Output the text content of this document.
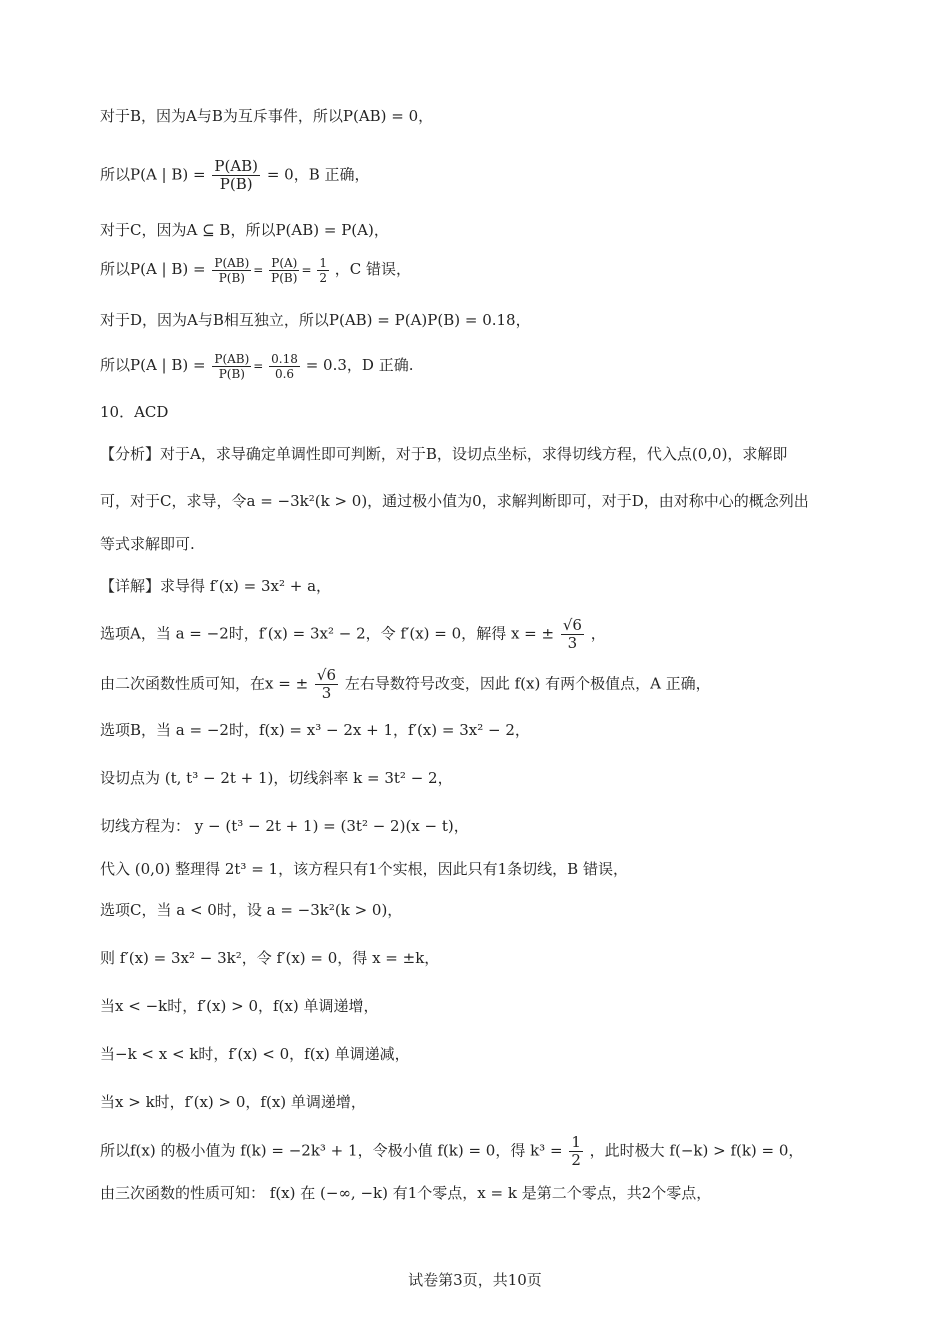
对于B，因为A与B为互斥事件，所以P(AB) = 0，
所以P(A | $B) = \frac{P(AB)}{P(B)} = 0$，B 正确，
对于C，因为A ⊆ B，所以P(AB) = P(A)，
所以P(A | $B) = \frac{P(AB)}{P(B)} = \frac{P(A)}{P(B)} = \frac{1}{2}$ ，C 错误，
对于D，因为A与B相互独立，所以P(AB) = P(A)P(B) = 0.18，
所以P(A | $B) = \frac{P(AB)}{P(B)} = \frac{0.18}{0.6} = 0.3$，D 正确.
10．ACD
【分析】对于A，求导确定单调性即可判断，对于B，设切点坐标，求得切线方程，代入点(0,0)，求解即
可，对于C，求导，令a = −3k²(k > 0)，通过极小值为0，求解判断即可，对于D，由对称中心的概念列出
等式求解即可.
【详解】求导得 f′(x) = 3x² + a，
选项A，当 a = −2时，f′(x) = 3x² − 2，令 f′(x) = 0，解得 x = ± $\frac{√6}{3}$ ，
由二次函数性质可知，在x = ± $\frac{√6}{3}$ 左右导数符号改变，因此 f(x) 有两个极值点，A 正确，
选项B，当 a = −2时，f(x) = x³ − 2x + 1，f′(x) = 3x² − 2，
设切点为 (t, t³ − 2t + 1)，切线斜率 k = 3t² − 2，
切线方程为： y − (t³ − 2t + 1) = (3t² − 2)(x − t)，
代入 (0,0) 整理得 2t³ = 1，该方程只有1个实根，因此只有1条切线，B 错误，
选项C，当 a < 0时，设 a = −3k²(k > 0)，
则 f′(x) = 3x² − 3k²，令 f′(x) = 0，得 x = ±k，
当x < −k时，f′(x) > 0，f(x) 单调递增，
当−k < x < k时，f′(x) < 0，f(x) 单调递减，
当x > k时，f′(x) > 0，f(x) 单调递增，
所以f(x) 的极小值为 f(k) = −2k³ + 1，令极小值 f(k) = 0，得 $k^3 = \frac{1}{2}$ ，此时极大 f(−k) > f(k) = 0，
由三次函数的性质可知： f(x) 在 (−∞, −k) 有1个零点，x = k 是第二个零点，共2个零点，
试卷第3页，共10页
